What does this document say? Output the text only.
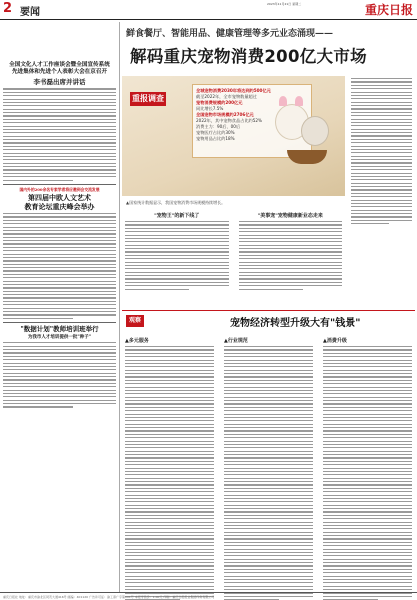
2 要闻
2023年11月21日 星期二	重庆日报
全国文化人才工作座谈会暨全国宣传系统
先进集体和先进个人表彰大会在京召开
李书磊出席并讲话
国内外的200余名专家学者将应邀到会交流发展
第四届中欧人文艺术
教育论坛重庆峰会举办
"数据计划"教师培训班举行
为我市人才培训提供一批"种子"
鲜食餐厅、智能用品、健康管理等多元业态涌现——
解码重庆宠物消费200亿大市场
重报调查
全城宠物消费2030年将达到约500亿元
截至2022年，全市宠物数量超过
宠物消费规模约200亿元
同比增长7.5%
全国宠物市场规模约2706亿元
2022年，其中宠物食品占比约52%
消费主力：90后、00后
宠物医疗占比约30%
宠物用品占比约18%
▲国家统计数据显示，我国宠物消费市场规模持续增长。
"宠物王"的新下线了	"美事宠"宠物健康新业态走来
观察	宠物经济转型升级大有"钱景"
▲多元服务	▲行业规范	▲消费升级
重庆日报社 地址：重庆市渝北区同茂大道416号 邮编：401120 广告许可证：渝工商广字第001号 本报零售价：1.00元 印刷：重庆日报报业集团印务有限公司
